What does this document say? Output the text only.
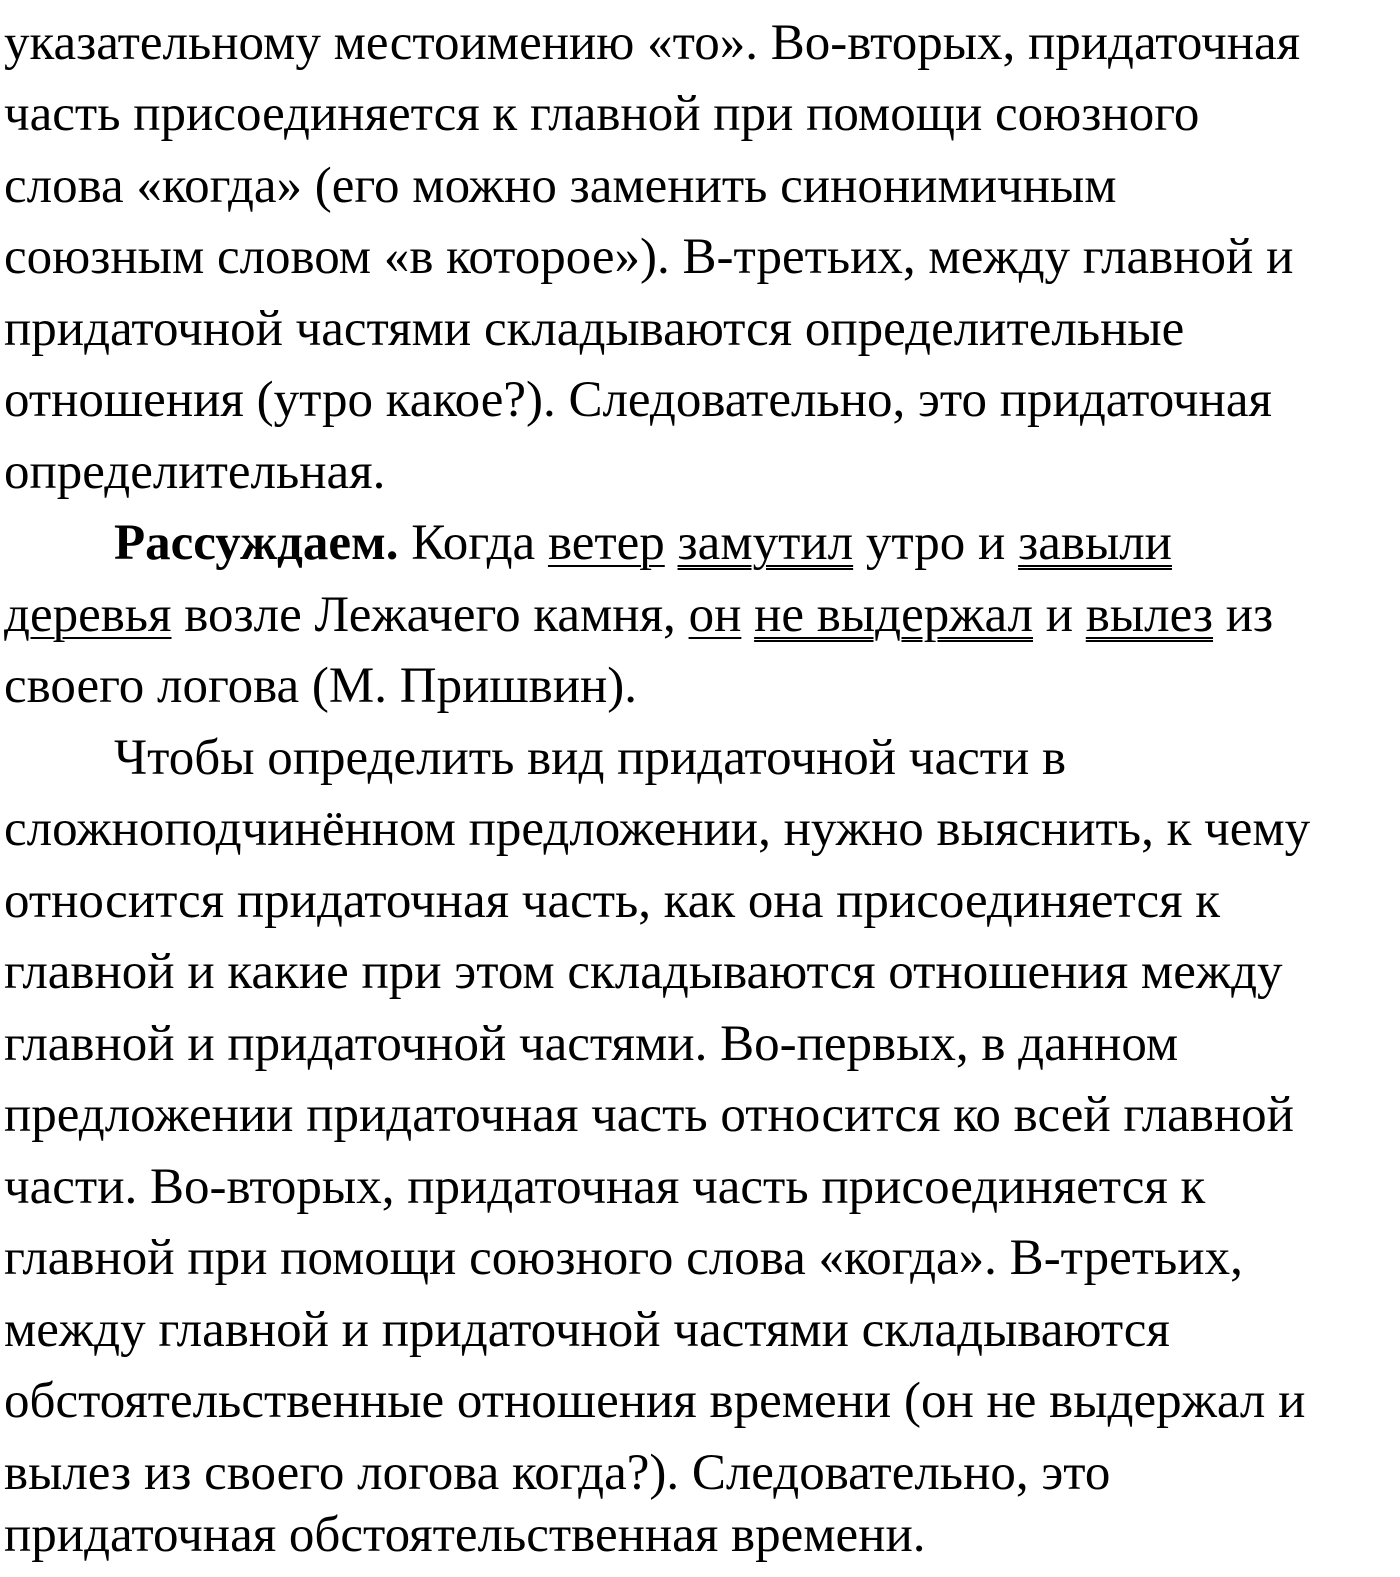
указательному местоимению «то». Во-вторых, придаточная
часть присоединяется к главной при помощи союзного
слова «когда» (его можно заменить синонимичным
союзным словом «в которое»). В-третьих, между главной и
придаточной частями складываются определительные
отношения (утро какое?). Следовательно, это придаточная
определительная.
Рассуждаем. Когда ветер замутил утро и завыли
деревья возле Лежачего камня, он не выдержал и вылез из
своего логова (М. Пришвин).
Чтобы определить вид придаточной части в
сложноподчинённом предложении, нужно выяснить, к чему
относится придаточная часть, как она присоединяется к
главной и какие при этом складываются отношения между
главной и придаточной частями. Во-первых, в данном
предложении придаточная часть относится ко всей главной
части. Во-вторых, придаточная часть присоединяется к
главной при помощи союзного слова «когда». В-третьих,
между главной и придаточной частями складываются
обстоятельственные отношения времени (он не выдержал и
вылез из своего логова когда?). Следовательно, это
придаточная обстоятельственная времени.
